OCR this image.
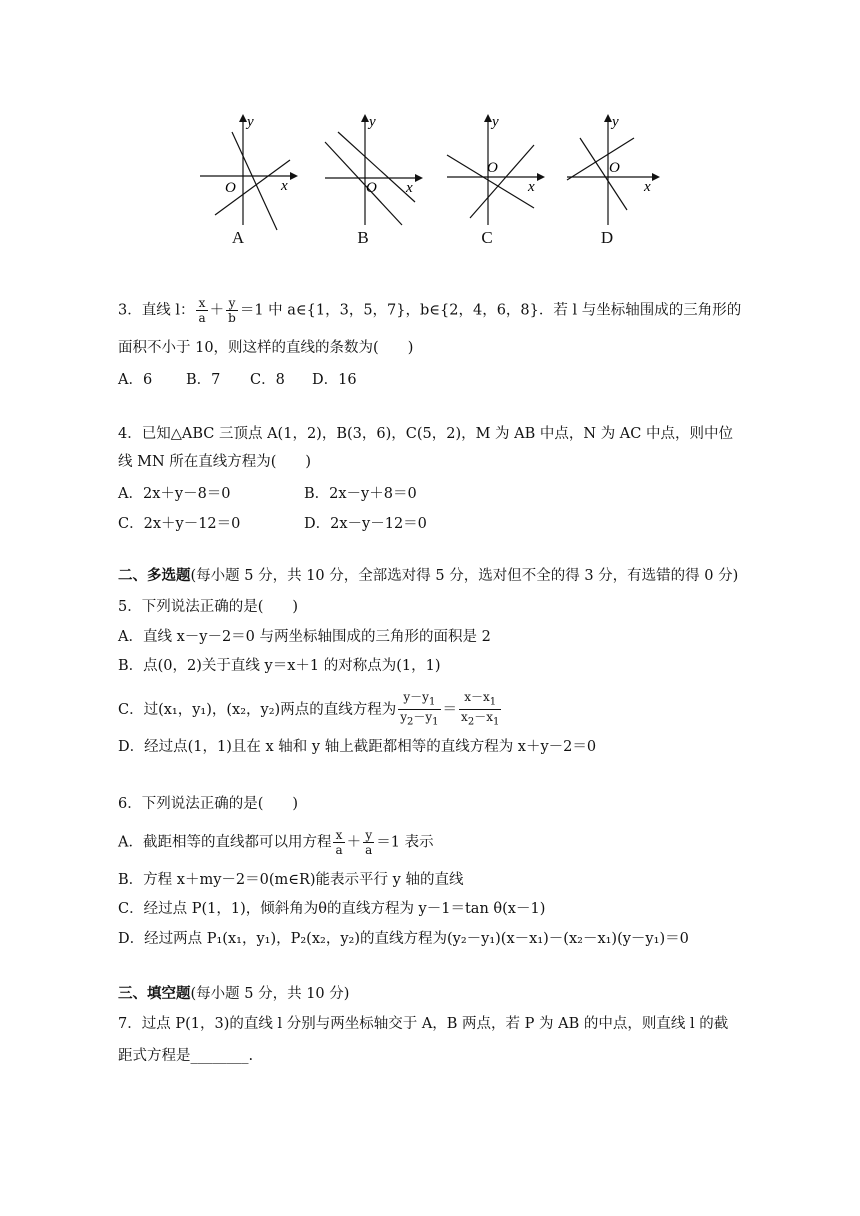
y
x
O
A
y
x
O
B
y
x
O
C
y
x
O
D
3．直线 l： $\frac{x}{a} + \frac{y}{b} =1$ 中 a∈{1，3，5，7}，b∈{2，4，6，8}．若 l 与坐标轴围成的三角形的
面积不小于 10，则这样的直线的条数为(　　)
A．6 B．7 C．8 D．16
4．已知△ABC 三顶点 A(1，2)，B(3，6)，C(5，2)，M 为 AB 中点，N 为 AC 中点，则中位
线 MN 所在直线方程为(　　)
A．2x＋y－8＝0	B．2x－y＋8＝0
C．2x＋y－12＝0	D．2x－y－12＝0
二、多选题(每小题 5 分，共 10 分，全部选对得 5 分，选对但不全的得 3 分，有选错的得 0 分)
5．下列说法正确的是(　　)
A．直线 x－y－2＝0 与两坐标轴围成的三角形的面积是 2
B．点(0，2)关于直线 y＝x＋1 的对称点为(1，1)
C．过(x₁，y₁)，(x₂，y₂)两点的直线方程为 $\frac{y-y_1}{y_2-y_1} = \frac{x-x_1}{x_2-x_1}$
D．经过点(1，1)且在 x 轴和 y 轴上截距都相等的直线方程为 x＋y－2＝0
6．下列说法正确的是(　　)
A．截距相等的直线都可以用方程 $\frac{x}{a} + \frac{y}{a} =1$ 表示
B．方程 x＋my－2＝0(m∈R)能表示平行 y 轴的直线
C．经过点 P(1，1)，倾斜角为θ的直线方程为 y－1＝tan θ(x－1)
D．经过两点 P₁(x₁，y₁)，P₂(x₂，y₂)的直线方程为(y₂－y₁)(x－x₁)－(x₂－x₁)(y－y₁)＝0
三、填空题(每小题 5 分，共 10 分)
7．过点 P(1，3)的直线 l 分别与两坐标轴交于 A，B 两点，若 P 为 AB 的中点，则直线 l 的截
距式方程是________.
